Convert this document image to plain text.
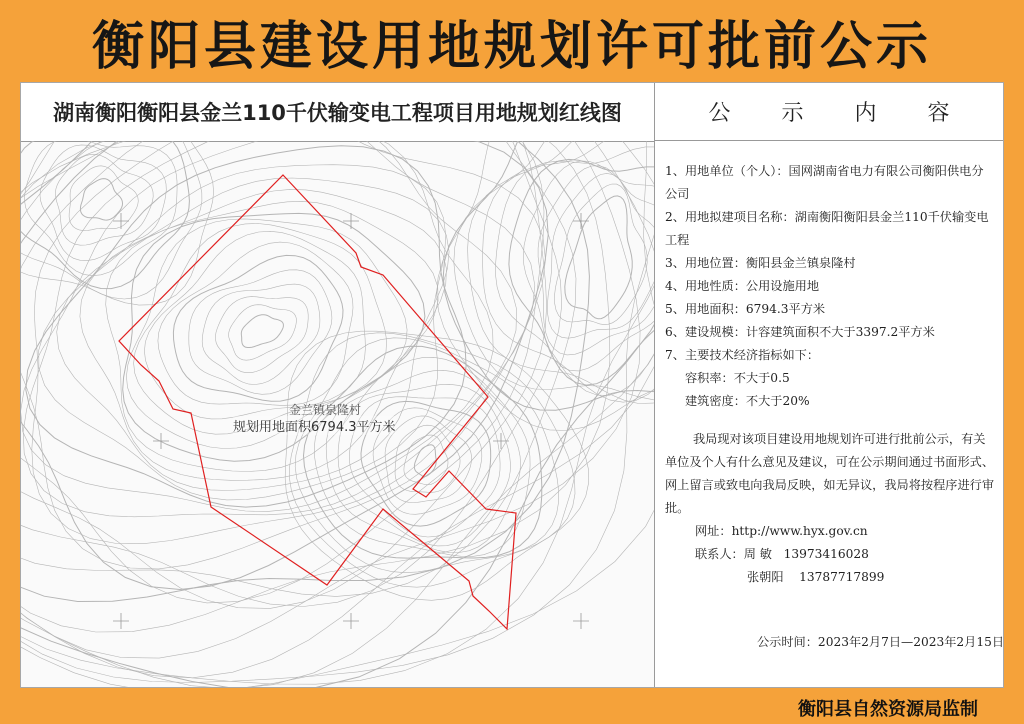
衡阳县建设用地规划许可批前公示
湖南衡阳衡阳县金兰110千伏输变电工程项目用地规划红线图
金兰镇泉隆村
规划用地面积6794.3平方米
公 示 内 容
1、用地单位（个人）：国网湖南省电力有限公司衡阳供电分公司
2、用地拟建项目名称：湖南衡阳衡阳县金兰110千伏输变电工程
3、用地位置：衡阳县金兰镇泉隆村
4、用地性质：公用设施用地
5、用地面积：6794.3平方米
6、建设规模：计容建筑面积不大于3397.2平方米
7、主要技术经济指标如下：
容积率：不大于0.5
建筑密度：不大于20%
我局现对该项目建设用地规划许可进行批前公示，有关单位及个人有什么意见及建议，可在公示期间通过书面形式、网上留言或致电向我局反映，如无异议，我局将按程序进行审批。
网址：http://www.hyx.gov.cn
联系人：周 敏 13973416028
张朝阳 13787717899
公示时间：2023年2月7日—2023年2月15日
衡阳县自然资源局监制
